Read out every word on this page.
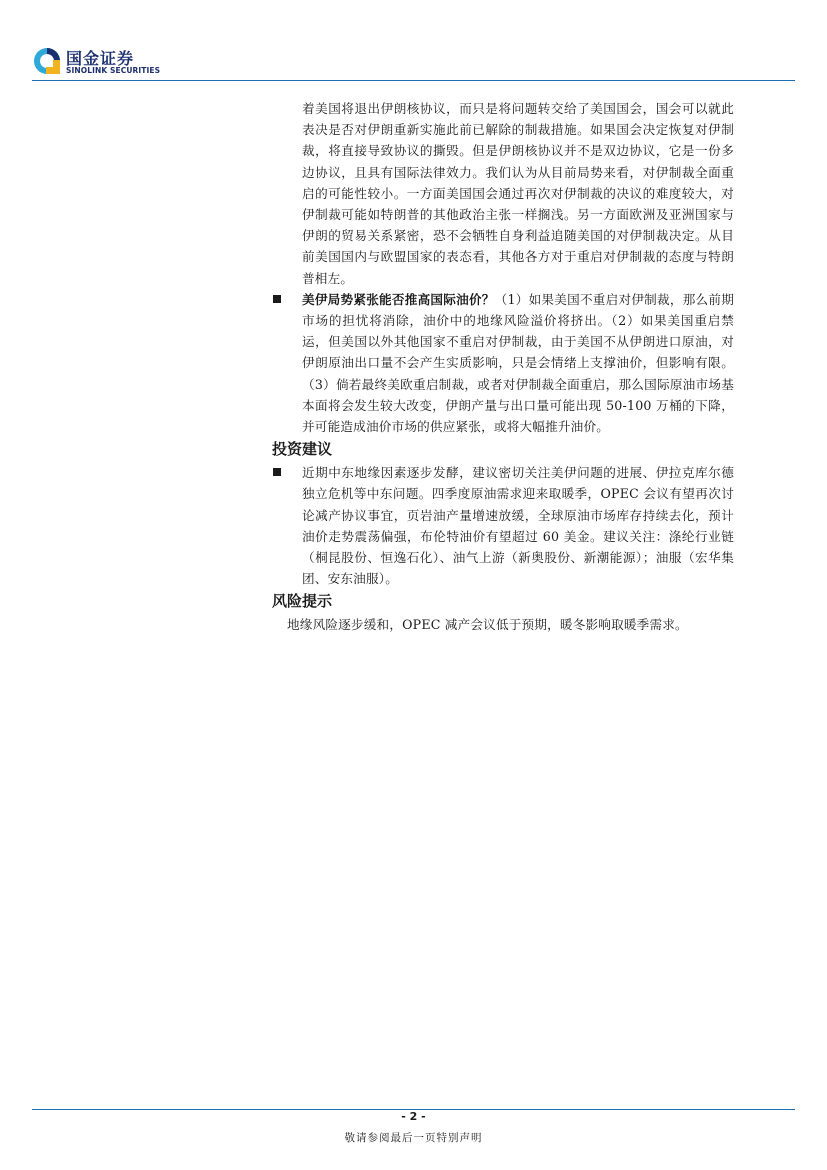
国金证券
SINOLINK SECURITIES

着美国将退出伊朗核协议，而只是将问题转交给了美国国会，国会可以就此表决是否对伊朗重新实施此前已解除的制裁措施。如果国会决定恢复对伊制裁，将直接导致协议的撕毁。但是伊朗核协议并不是双边协议，它是一份多边协议，且具有国际法律效力。我们认为从目前局势来看，对伊制裁全面重启的可能性较小。一方面美国国会通过再次对伊制裁的决议的难度较大，对伊制裁可能如特朗普的其他政治主张一样搁浅。另一方面欧洲及亚洲国家与伊朗的贸易关系紧密，恐不会牺牲自身利益追随美国的对伊制裁决定。从目前美国国内与欧盟国家的表态看，其他各方对于重启对伊制裁的态度与特朗普相左。

美伊局势紧张能否推高国际油价？（1）如果美国不重启对伊制裁，那么前期市场的担忧将消除，油价中的地缘风险溢价将挤出。（2）如果美国重启禁运，但美国以外其他国家不重启对伊制裁，由于美国不从伊朗进口原油，对伊朗原油出口量不会产生实质影响，只是会情绪上支撑油价，但影响有限。（3）倘若最终美欧重启制裁，或者对伊制裁全面重启，那么国际原油市场基本面将会发生较大改变，伊朗产量与出口量可能出现 50-100 万桶的下降，并可能造成油价市场的供应紧张，或将大幅推升油价。

投资建议

近期中东地缘因素逐步发酵，建议密切关注美伊问题的进展、伊拉克库尔德独立危机等中东问题。四季度原油需求迎来取暖季，OPEC 会议有望再次讨论减产协议事宜，页岩油产量增速放缓，全球原油市场库存持续去化，预计油价走势震荡偏强，布伦特油价有望超过 60 美金。建议关注：涤纶行业链（桐昆股份、恒逸石化）、油气上游（新奥股份、新潮能源）；油服（宏华集团、安东油服）。

风险提示

地缘风险逐步缓和，OPEC 减产会议低于预期，暖冬影响取暖季需求。

- 2 -
敬请参阅最后一页特别声明
